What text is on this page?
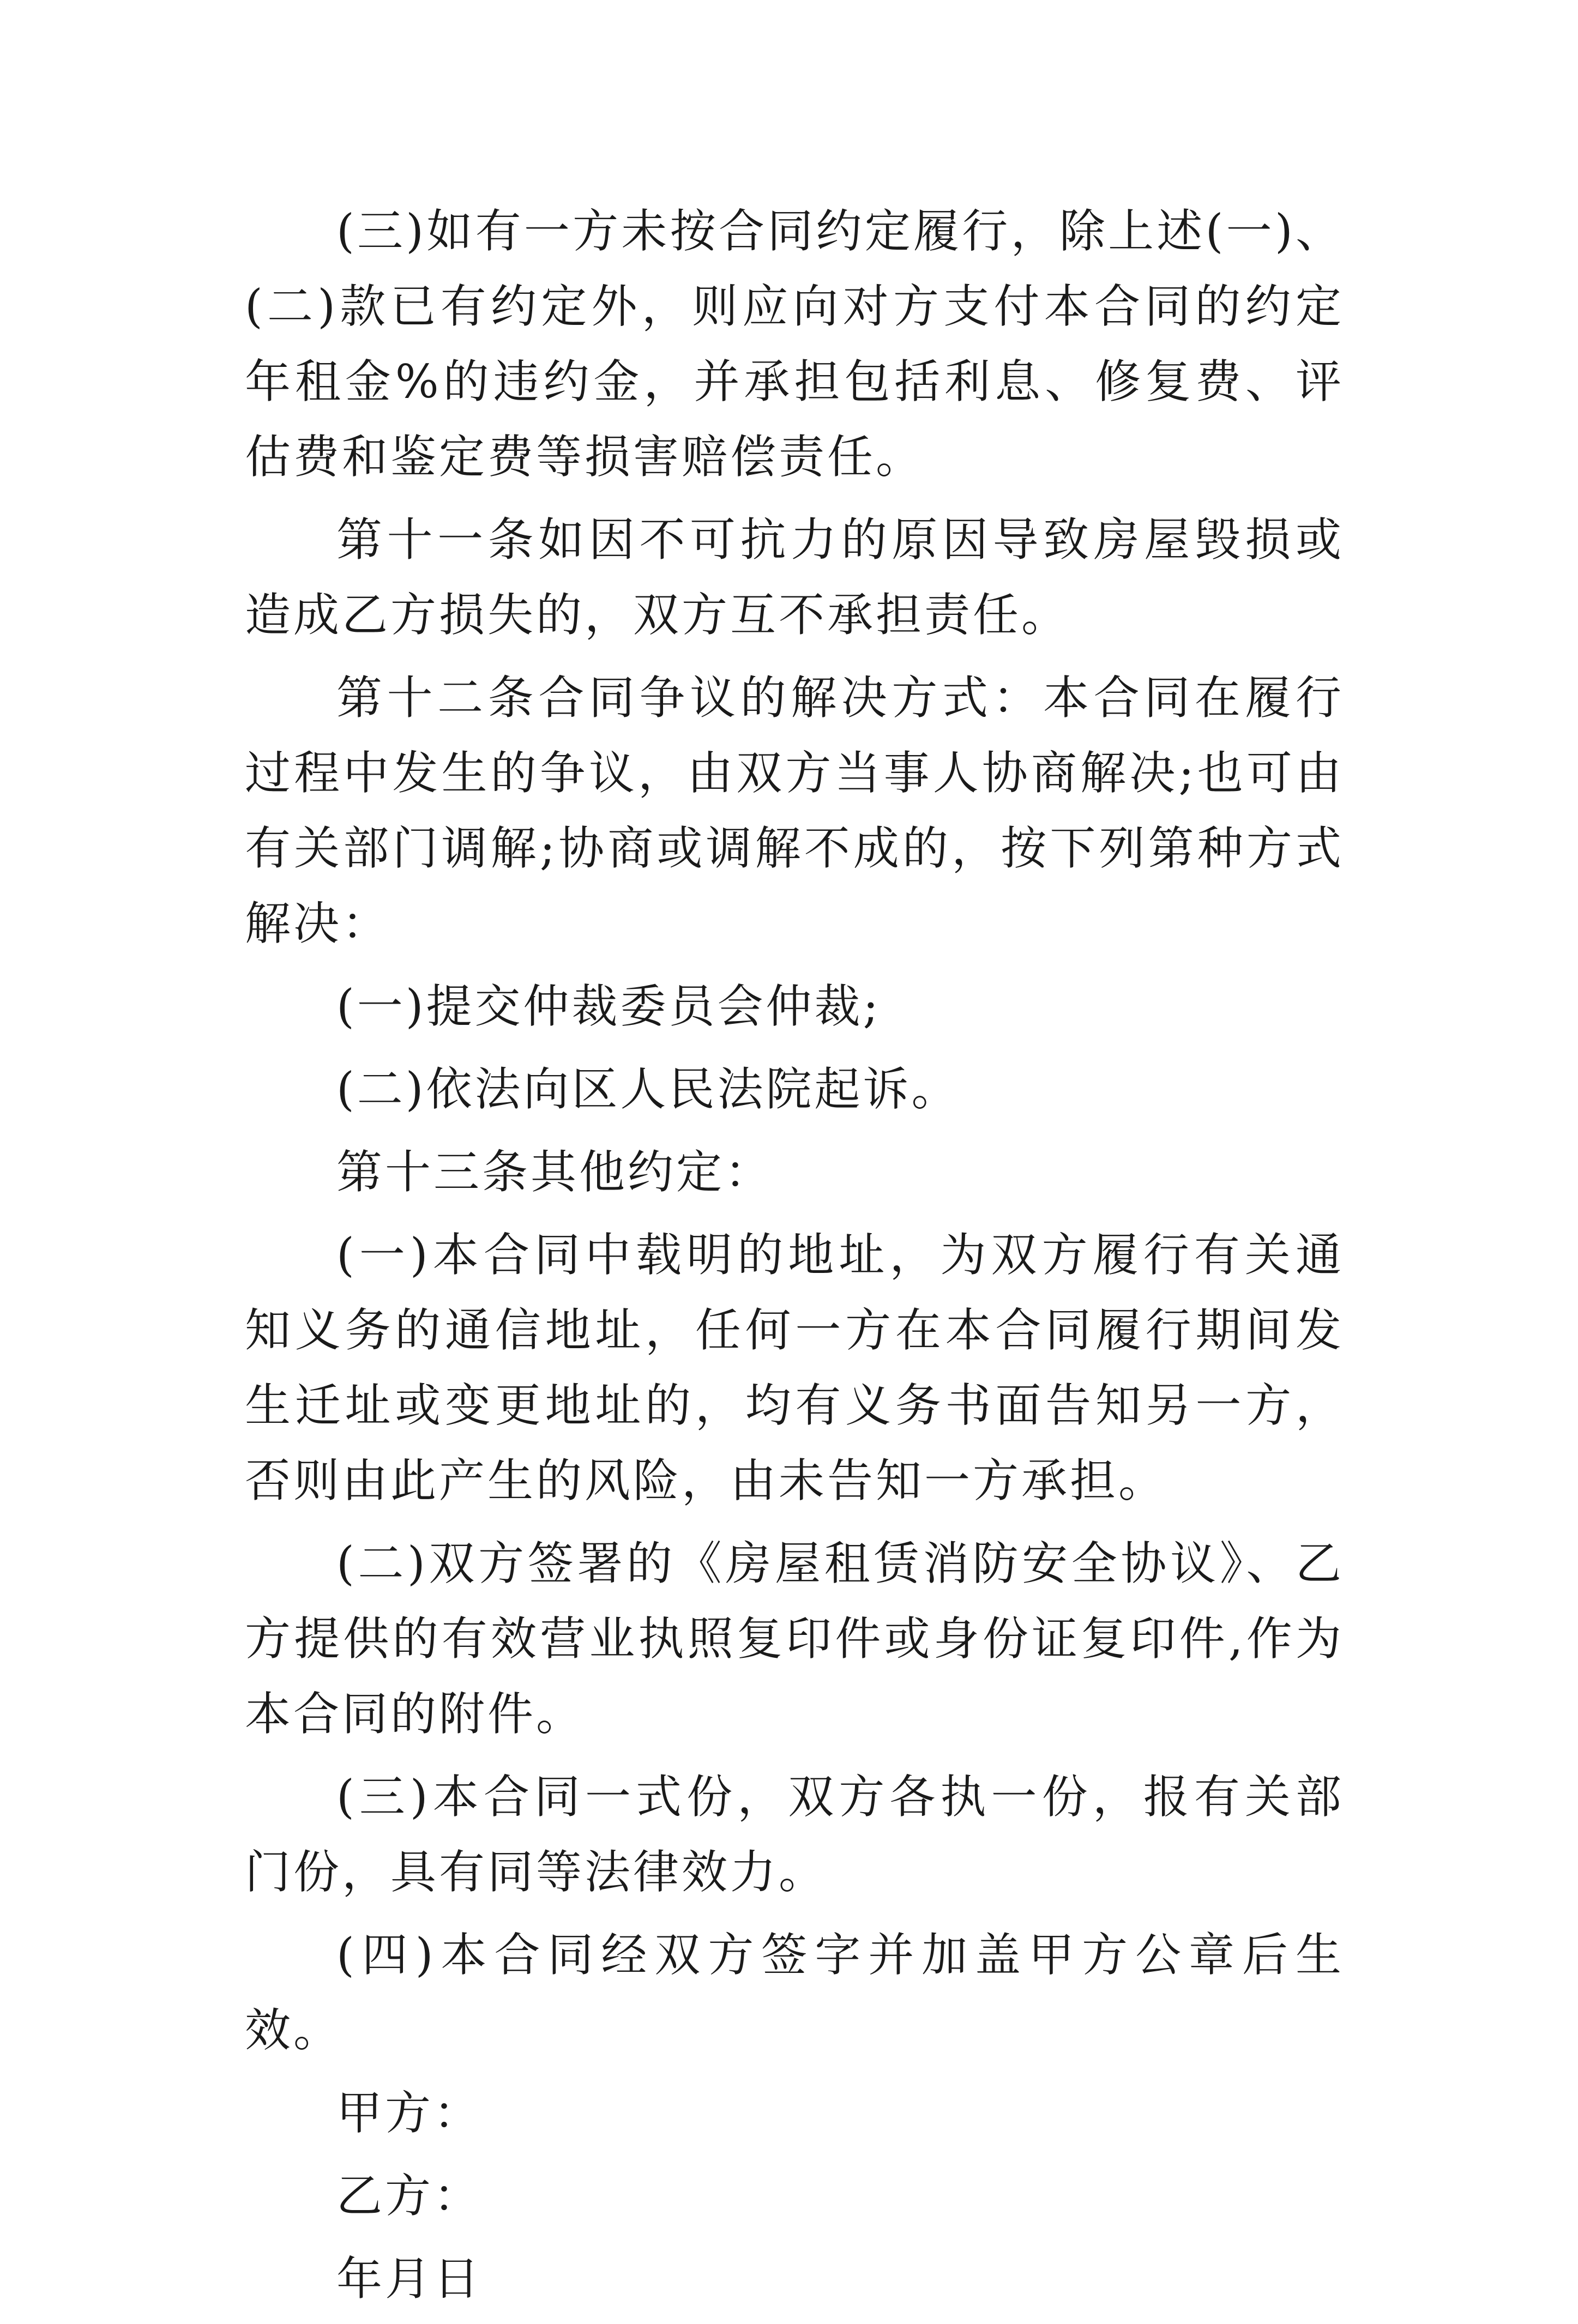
(三)如有一方未按合同约定履行，除上述(一)、(二)款已有约定外，则应向对方支付本合同的约定年租金%的违约金，并承担包括利息、修复费、评估费和鉴定费等损害赔偿责任。

第十一条如因不可抗力的原因导致房屋毁损或造成乙方损失的，双方互不承担责任。

第十二条合同争议的解决方式：本合同在履行过程中发生的争议，由双方当事人协商解决;也可由有关部门调解;协商或调解不成的，按下列第种方式解决：

(一)提交仲裁委员会仲裁;

(二)依法向区人民法院起诉。

第十三条其他约定：

(一)本合同中载明的地址，为双方履行有关通知义务的通信地址，任何一方在本合同履行期间发生迁址或变更地址的，均有义务书面告知另一方，否则由此产生的风险，由未告知一方承担。

(二)双方签署的《房屋租赁消防安全协议》、乙方提供的有效营业执照复印件或身份证复印件,作为本合同的附件。

(三)本合同一式份，双方各执一份，报有关部门份，具有同等法律效力。

(四)本合同经双方签字并加盖甲方公章后生效。

甲方：

乙方：

年月日
